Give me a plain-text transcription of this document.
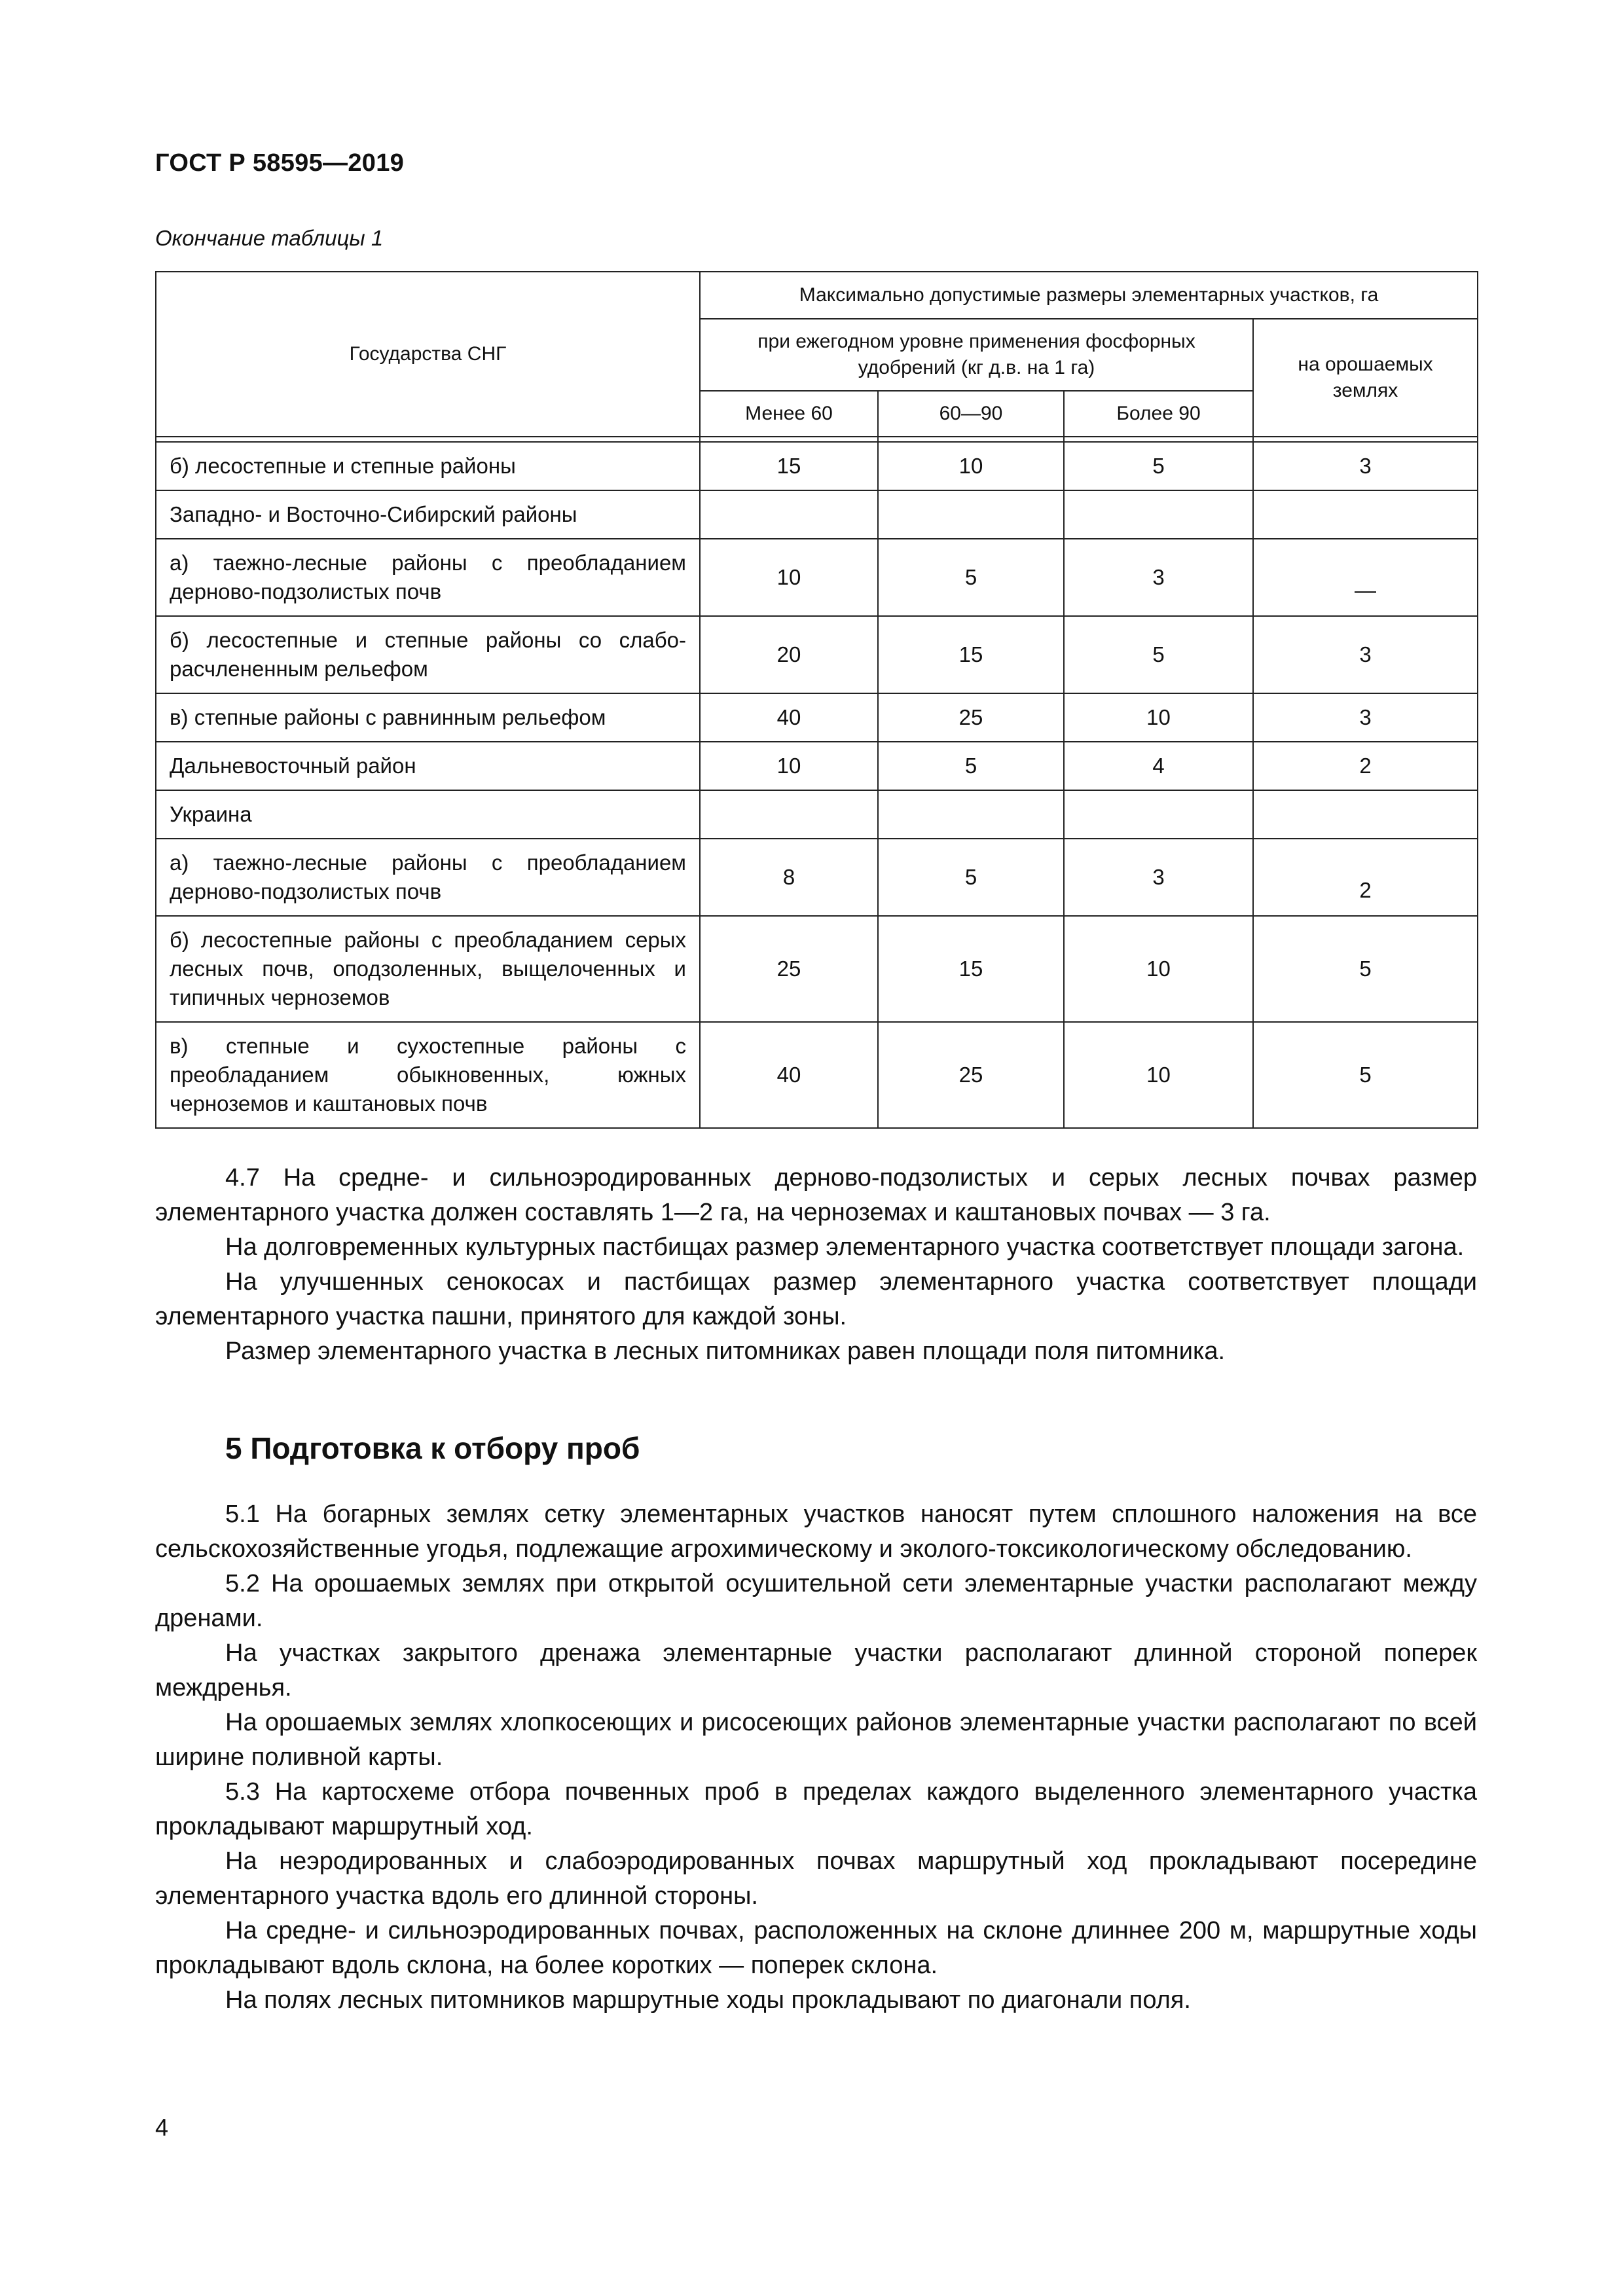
ГОСТ Р 58595—2019
Окончание таблицы 1
Государства СНГ	Максимально допустимые размеры элементарных участков, га			
	при ежегодном уровне применения фосфорных удобрений (кг д.в. на 1 га)			на орошаемых землях
	Менее 60	60—90	Более 90	

б) лесостепные и степные районы	15	10	5	3
Западно- и Восточно-Сибирский районы				
а) таежно-лесные районы с преобладанием дерново-подзолистых почв	10	5	3	—
б) лесостепные и степные районы со слабо-расчлененным рельефом	20	15	5	3
в) степные районы с равнинным рельефом	40	25	10	3
Дальневосточный район	10	5	4	2
Украина				
а) таежно-лесные районы с преобладанием дерново-подзолистых почв	8	5	3	2
б) лесостепные районы с преобладанием серых лесных почв, оподзоленных, выщелоченных и типичных черноземов	25	15	10	5
в) степные и сухостепные районы с преобладанием обыкновенных, южных черноземов и каштановых почв	40	25	10	5

4.7 На средне- и сильноэродированных дерново-подзолистых и серых лесных почвах размер элементарного участка должен составлять 1—2 га, на черноземах и каштановых почвах — 3 га.

На долговременных культурных пастбищах размер элементарного участка соответствует площади загона.

На улучшенных сенокосах и пастбищах размер элементарного участка соответствует площади элементарного участка пашни, принятого для каждой зоны.

Размер элементарного участка в лесных питомниках равен площади поля питомника.

5 Подготовка к отбору проб

5.1 На богарных землях сетку элементарных участков наносят путем сплошного наложения на все сельскохозяйственные угодья, подлежащие агрохимическому и эколого-токсикологическому обследованию.

5.2 На орошаемых землях при открытой осушительной сети элементарные участки располагают между дренами.

На участках закрытого дренажа элементарные участки располагают длинной стороной поперек междренья.

На орошаемых землях хлопкосеющих и рисосеющих районов элементарные участки располагают по всей ширине поливной карты.

5.3 На картосхеме отбора почвенных проб в пределах каждого выделенного элементарного участка прокладывают маршрутный ход.

На неэродированных и слабоэродированных почвах маршрутный ход прокладывают посередине элементарного участка вдоль его длинной стороны.

На средне- и сильноэродированных почвах, расположенных на склоне длиннее 200 м, маршрутные ходы прокладывают вдоль склона, на более коротких — поперек склона.

На полях лесных питомников маршрутные ходы прокладывают по диагонали поля.

4
